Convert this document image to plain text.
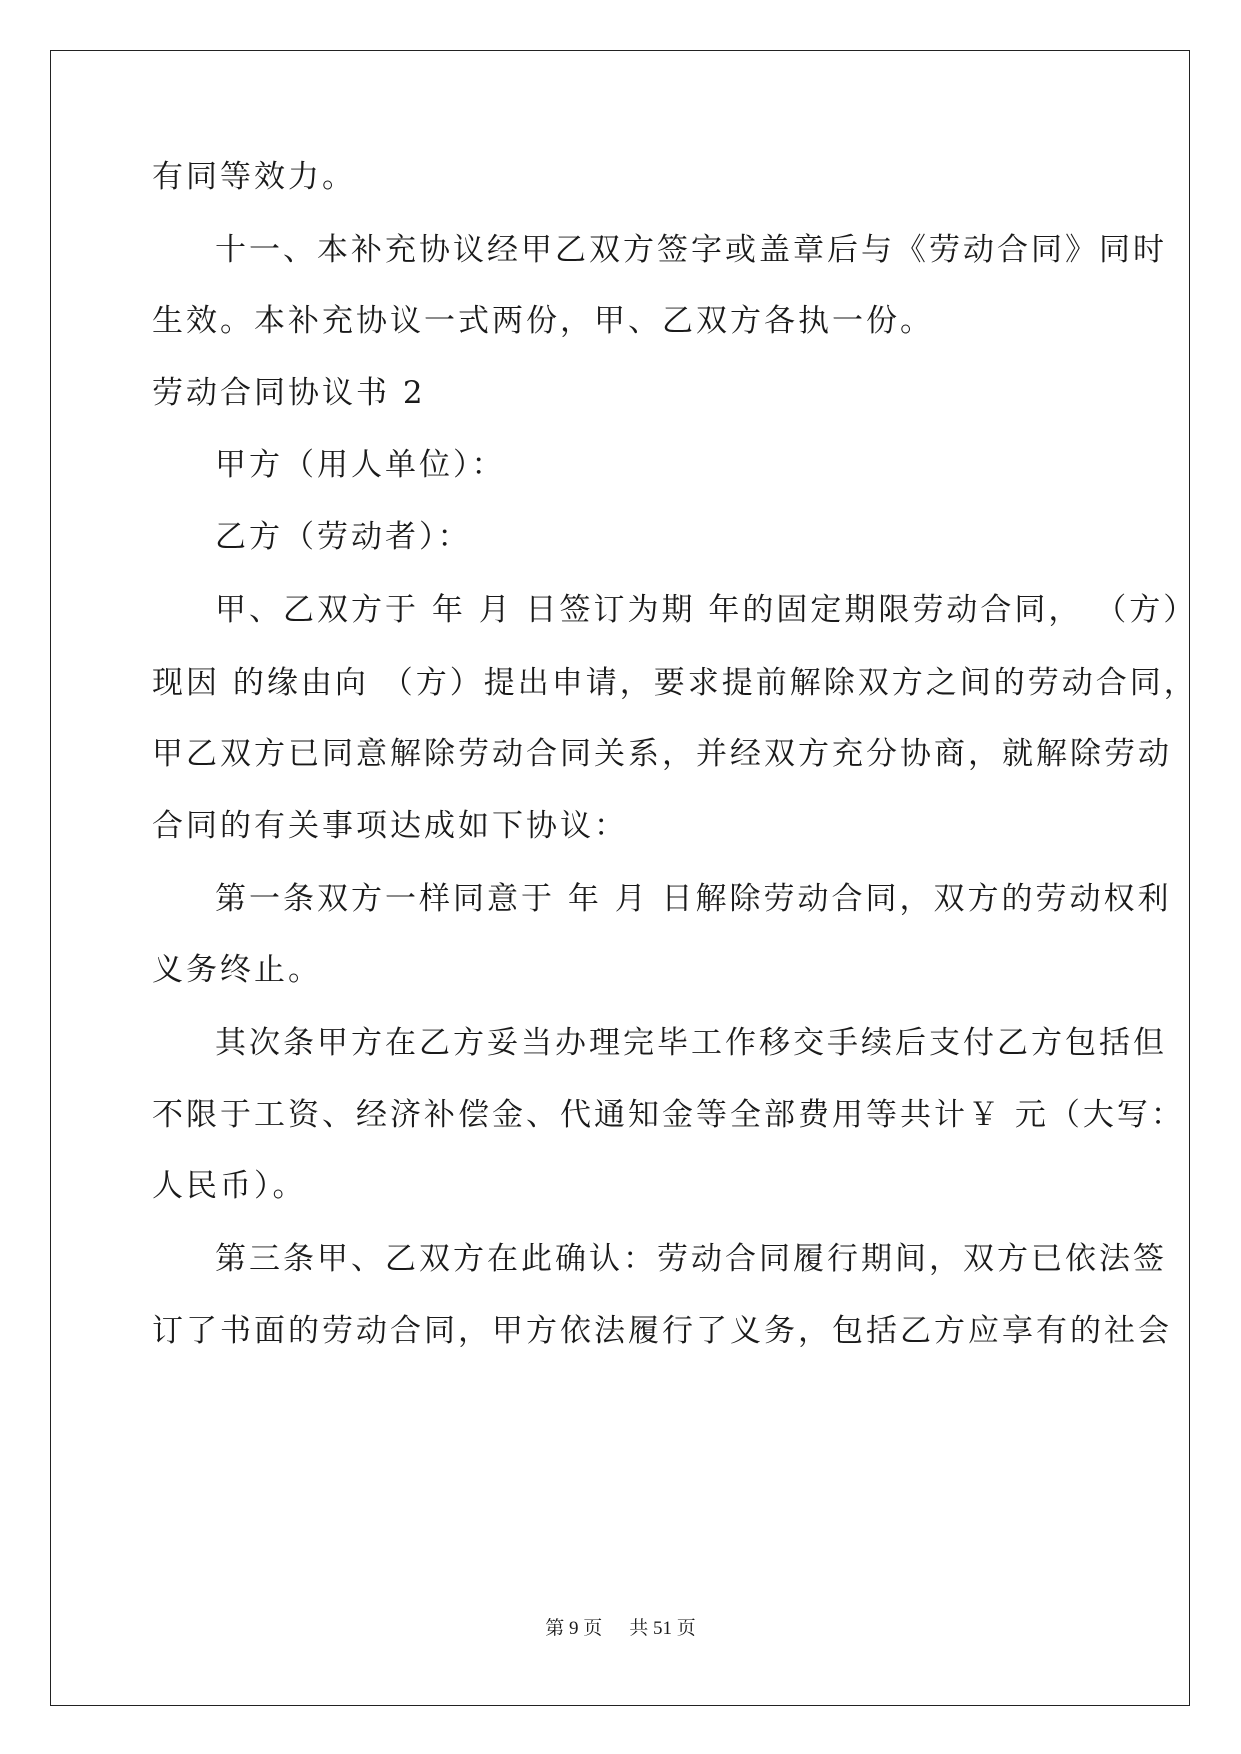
有同等效力。
十一、本补充协议经甲乙双方签字或盖章后与《劳动合同》同时
生效。本补充协议一式两份，甲、乙双方各执一份。
劳动合同协议书 2
甲方（用人单位）：
乙方（劳动者）：
甲、乙双方于 年 月 日签订为期 年的固定期限劳动合同， （方）
现因 的缘由向 （方）提出申请，要求提前解除双方之间的劳动合同，
甲乙双方已同意解除劳动合同关系，并经双方充分协商，就解除劳动
合同的有关事项达成如下协议：
第一条双方一样同意于 年 月 日解除劳动合同，双方的劳动权利
义务终止。
其次条甲方在乙方妥当办理完毕工作移交手续后支付乙方包括但
不限于工资、经济补偿金、代通知金等全部费用等共计￥ 元（大写：
人民币）。
第三条甲、乙双方在此确认：劳动合同履行期间，双方已依法签
订了书面的劳动合同，甲方依法履行了义务，包括乙方应享有的社会
第 9 页 共 51 页
